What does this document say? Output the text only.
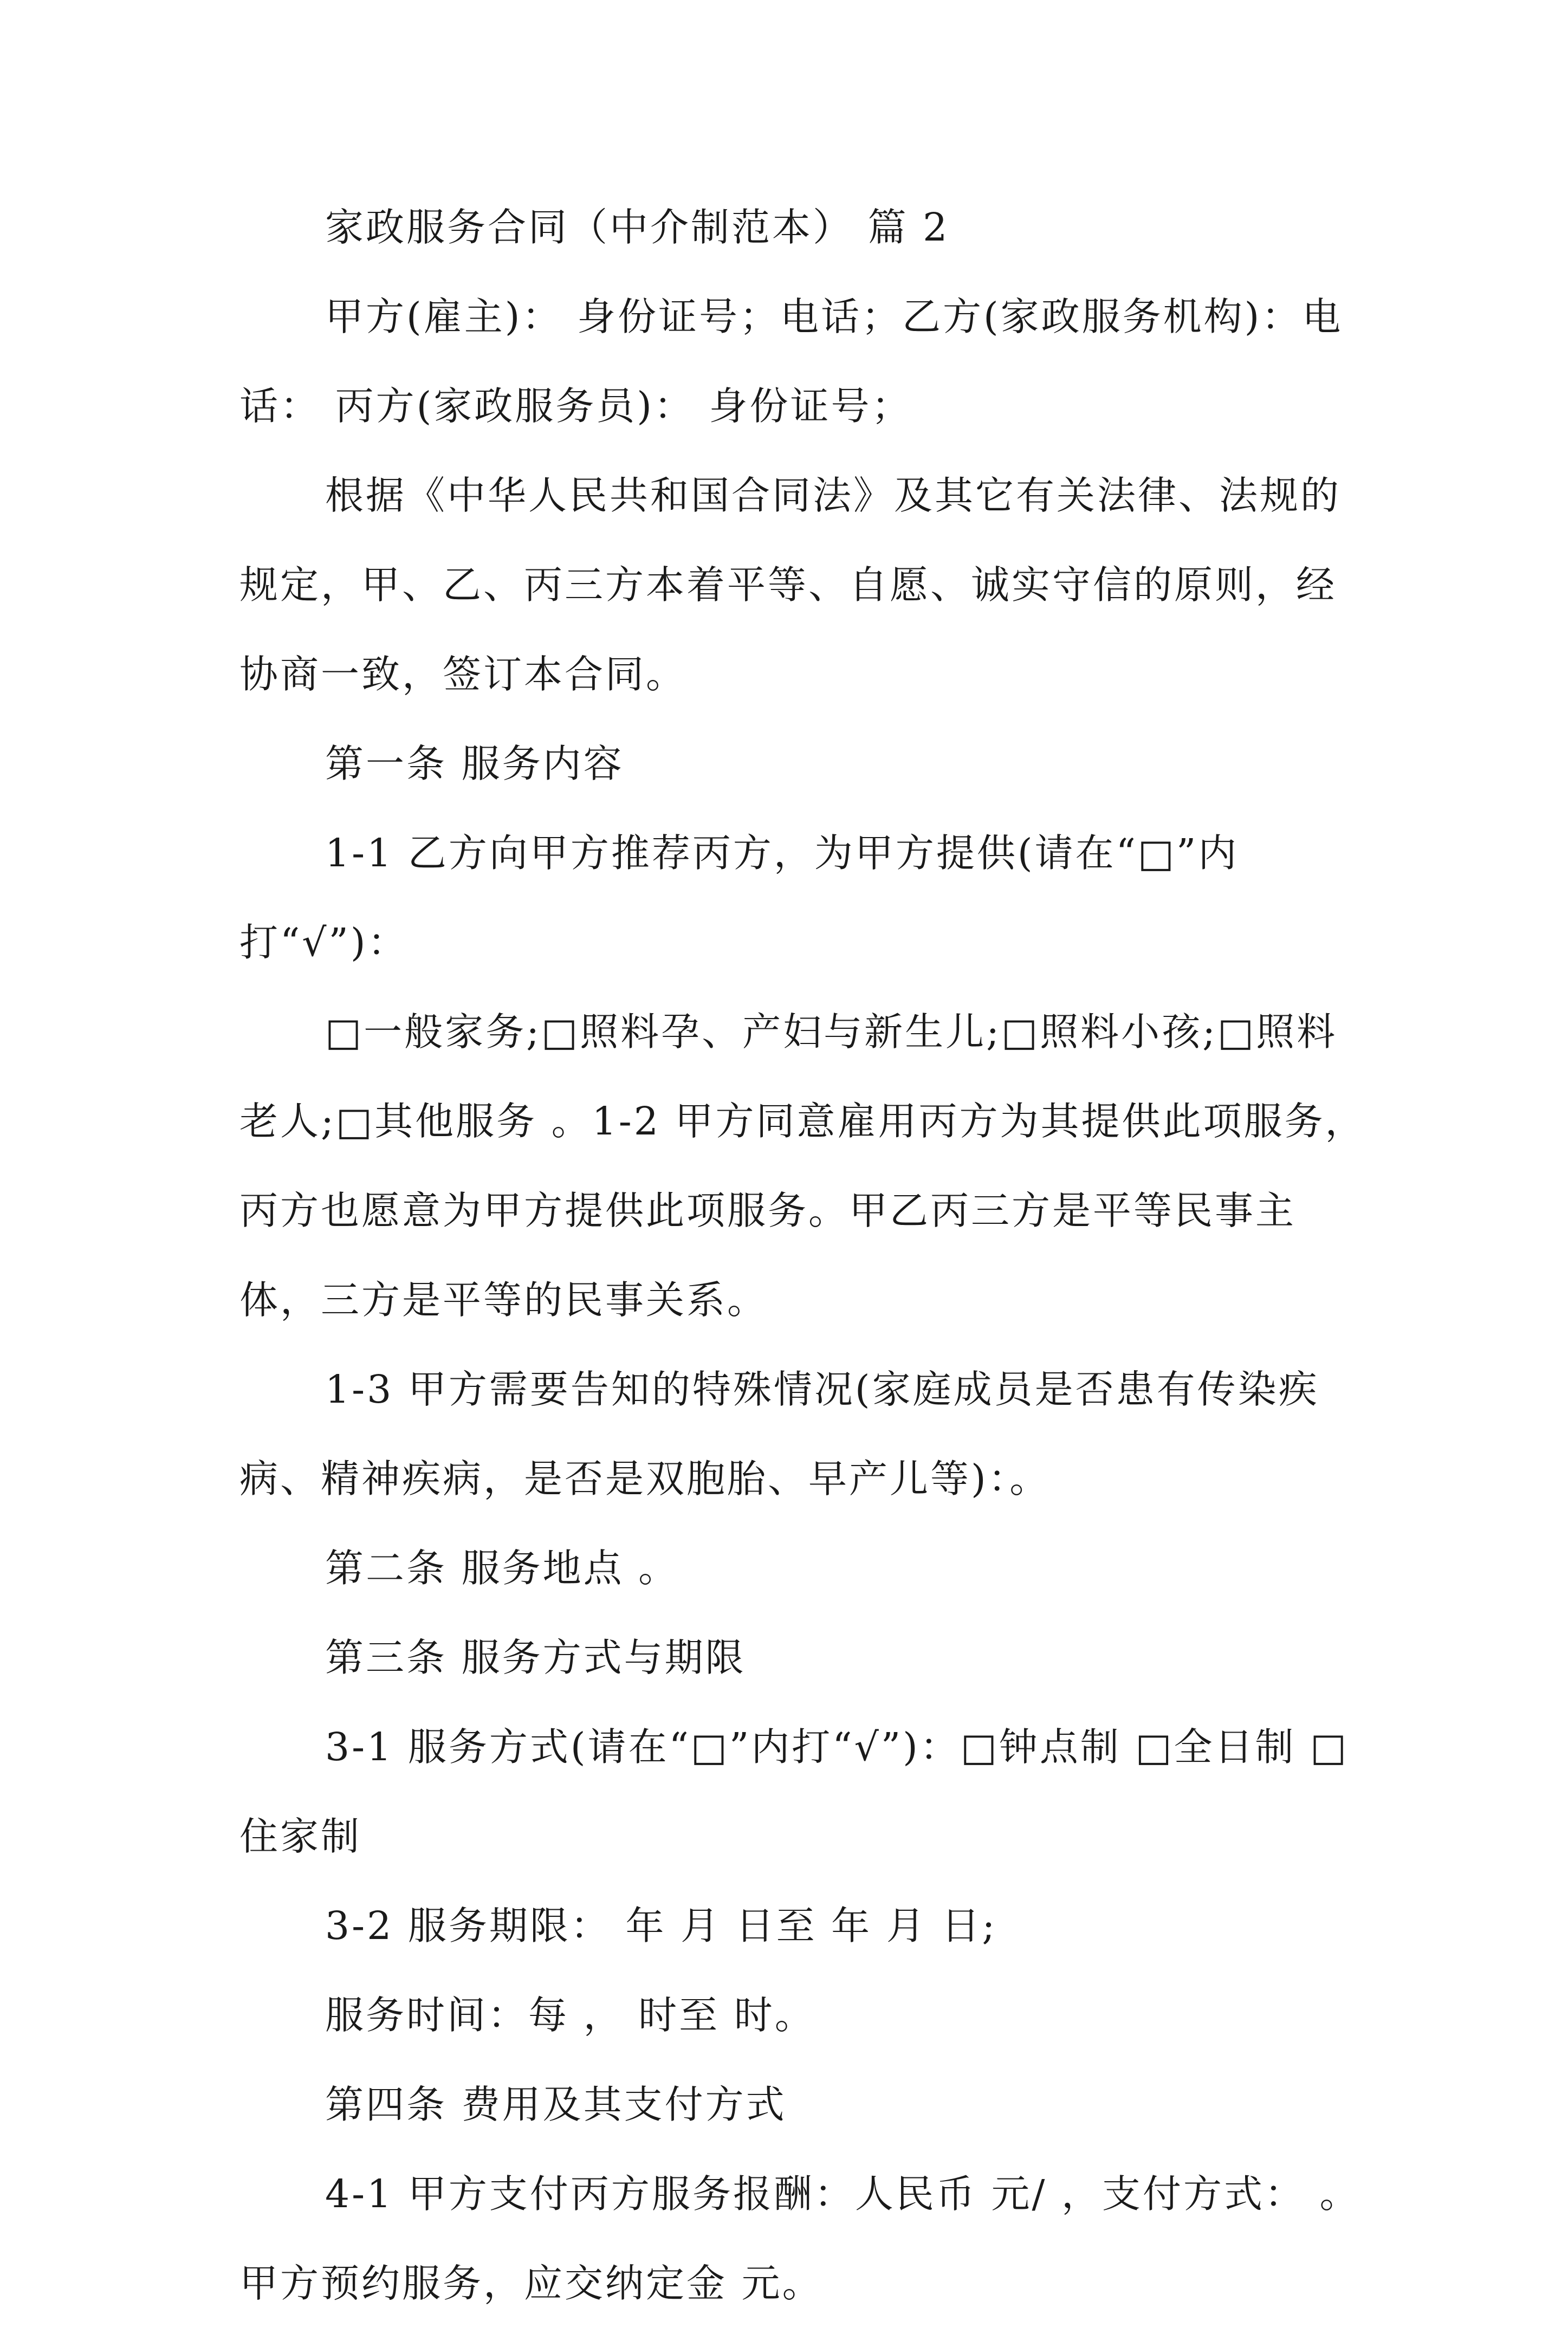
家政服务合同（中介制范本） 篇 2

甲方(雇主)： 身份证号；电话；乙方(家政服务机构)：电话： 丙方(家政服务员)： 身份证号；

根据《中华人民共和国合同法》及其它有关法律、法规的规定，甲、乙、丙三方本着平等、自愿、诚实守信的原则，经协商一致，签订本合同。

第一条 服务内容

1-1 乙方向甲方推荐丙方，为甲方提供(请在“□”内打“√”)：

□一般家务;□照料孕、产妇与新生儿;□照料小孩;□照料老人;□其他服务 。1-2 甲方同意雇用丙方为其提供此项服务，丙方也愿意为甲方提供此项服务。甲乙丙三方是平等民事主体，三方是平等的民事关系。

1-3 甲方需要告知的特殊情况(家庭成员是否患有传染疾病、精神疾病，是否是双胞胎、早产儿等)：。

第二条 服务地点 。

第三条 服务方式与期限

3-1 服务方式(请在“□”内打“√”)：□钟点制 □全日制 □住家制

3-2 服务期限： 年 月 日至 年 月 日;

服务时间：每 ， 时至 时。

第四条 费用及其支付方式

4-1 甲方支付丙方服务报酬：人民币 元/ ，支付方式： 。甲方预约服务，应交纳定金 元。
